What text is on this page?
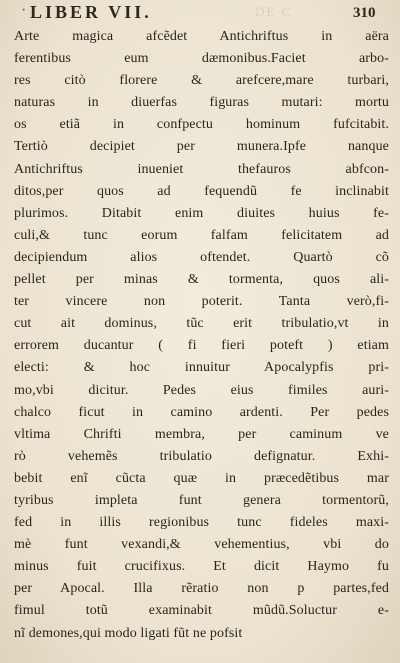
· LIBER VII.	DE C	310
Arte magica afcẽdet Antichriftus in aëra
ferentibus eum dæmonibus.Faciet arbo-
res citò florere & arefcere,mare turbari,
naturas in diuerfas figuras mutari: mortu
os etiã in confpectu hominum fufcitabit.
Tertiò decipiet per munera.Ipfe nanque
Antichriftus inueniet thefauros abfcon-
ditos,per quos ad fequendũ fe inclinabit
plurimos. Ditabit enim diuites huius fe-
culi,& tunc eorum falfam felicitatem ad
decipiendum alios oftendet. Quartò cõ
pellet per minas & tormenta, quos ali-
ter vincere non poterit. Tanta verò,fi-
cut ait dominus, tũc erit tribulatio,vt in
errorem ducantur ( fi fieri poteft ) etiam
electi: & hoc innuitur Apocalypfis pri-
mo,vbi dicitur. Pedes eius fimiles auri-
chalco ficut in camino ardenti. Per pedes
vltima Chrifti membra, per caminum ve
rò vehemẽs tribulatio defignatur. Exhi-
bebit enĩ cũcta quæ in præcedẽtibus mar
tyribus impleta funt genera tormentorũ,
fed in illis regionibus tunc fideles maxi-
mè funt vexandi,& vehementius, vbi do
minus fuit crucifixus. Et dicit Haymo fu
per Apocal. Illa rẽratio non p partes,fed
fimul totũ examinabit mũdũ.Soluctur e-
nĩ demones,qui modo ligati fũt ne pofsit
